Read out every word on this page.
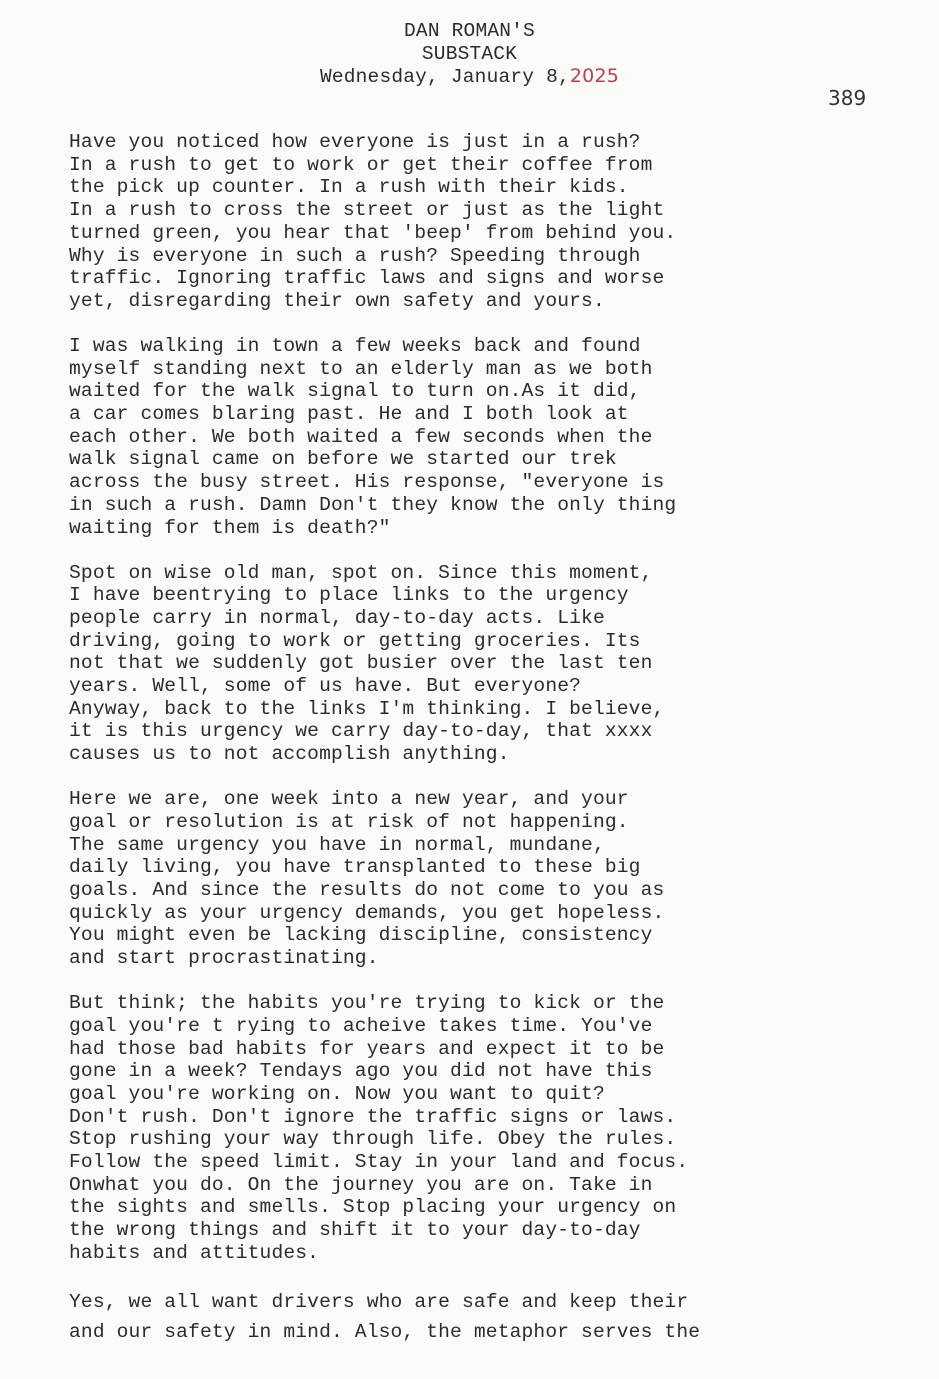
DAN ROMAN'S
SUBSTACK
Wednesday, January 8,2025
389
Have you noticed how everyone is just in a rush?
In a rush to get to work or get their coffee from
the pick up counter. In a rush with their kids.
In a rush to cross the street or just as the light
turned green, you hear that 'beep' from behind you.
Why is everyone in such a rush? Speeding through
traffic. Ignoring traffic laws and signs and worse
yet, disregarding their own safety and yours.
I was walking in town a few weeks back and found
myself standing next to an elderly man as we both
waited for the walk signal to turn on.As it did,
a car comes blaring past. He and I both look at
each other. We both waited a few seconds when the
walk signal came on before we started our trek
across the busy street. His response, "everyone is
in such a rush. Damn Don't they know the only thing
waiting for them is death?"
Spot on wise old man, spot on. Since this moment,
I have beentrying to place links to the urgency
people carry in normal, day-to-day acts. Like
driving, going to work or getting groceries. Its
not that we suddenly got busier over the last ten
years. Well, some of us have. But everyone?
Anyway, back to the links I'm thinking. I believe,
it is this urgency we carry day-to-day, that xxxx
causes us to not accomplish anything.
Here we are, one week into a new year, and your
goal or resolution is at risk of not happening.
The same urgency you have in normal, mundane,
daily living, you have transplanted to these big
goals. And since the results do not come to you as
quickly as your urgency demands, you get hopeless.
You might even be lacking discipline, consistency
and start procrastinating.
But think; the habits you're trying to kick or the
goal you're t rying to acheive takes time. You've
had those bad habits for years and expect it to be
gone in a week? Tendays ago you did not have this
goal you're working on. Now you want to quit?
Don't rush. Don't ignore the traffic signs or laws.
Stop rushing your way through life. Obey the rules.
Follow the speed limit. Stay in your land and focus.
Onwhat you do. On the journey you are on. Take in
the sights and smells. Stop placing your urgency on
the wrong things and shift it to your day-to-day
habits and attitudes.
Yes, we all want drivers who are safe and keep their
and our safety in mind. Also, the metaphor serves the
